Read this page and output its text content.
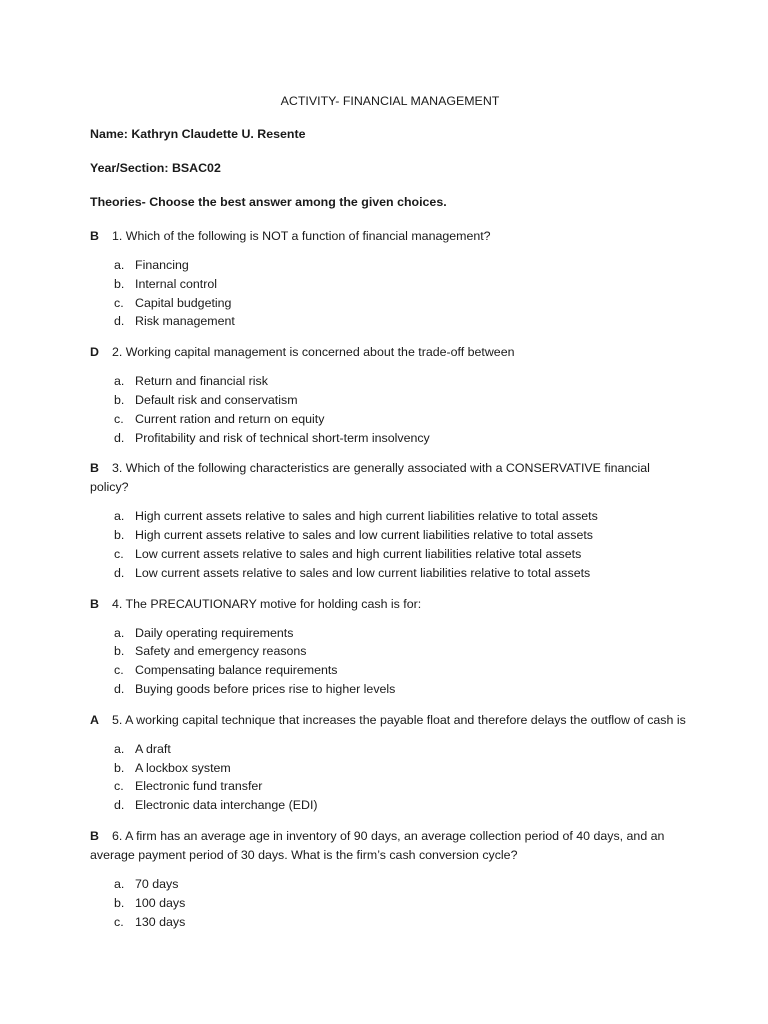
ACTIVITY- FINANCIAL MANAGEMENT
Name: Kathryn Claudette U. Resente
Year/Section: BSAC02
Theories- Choose the best answer among the given choices.
B 1. Which of the following is NOT a function of financial management?
a. Financing
b. Internal control
c. Capital budgeting
d. Risk management
D 2. Working capital management is concerned about the trade-off between
a. Return and financial risk
b. Default risk and conservatism
c. Current ration and return on equity
d. Profitability and risk of technical short-term insolvency
B 3. Which of the following characteristics are generally associated with a CONSERVATIVE financial policy?
a. High current assets relative to sales and high current liabilities relative to total assets
b. High current assets relative to sales and low current liabilities relative to total assets
c. Low current assets relative to sales and high current liabilities relative total assets
d. Low current assets relative to sales and low current liabilities relative to total assets
B 4. The PRECAUTIONARY motive for holding cash is for:
a. Daily operating requirements
b. Safety and emergency reasons
c. Compensating balance requirements
d. Buying goods before prices rise to higher levels
A 5. A working capital technique that increases the payable float and therefore delays the outflow of cash is
a. A draft
b. A lockbox system
c. Electronic fund transfer
d. Electronic data interchange (EDI)
B 6. A firm has an average age in inventory of 90 days, an average collection period of 40 days, and an average payment period of 30 days. What is the firm’s cash conversion cycle?
a. 70 days
b. 100 days
c. 130 days
